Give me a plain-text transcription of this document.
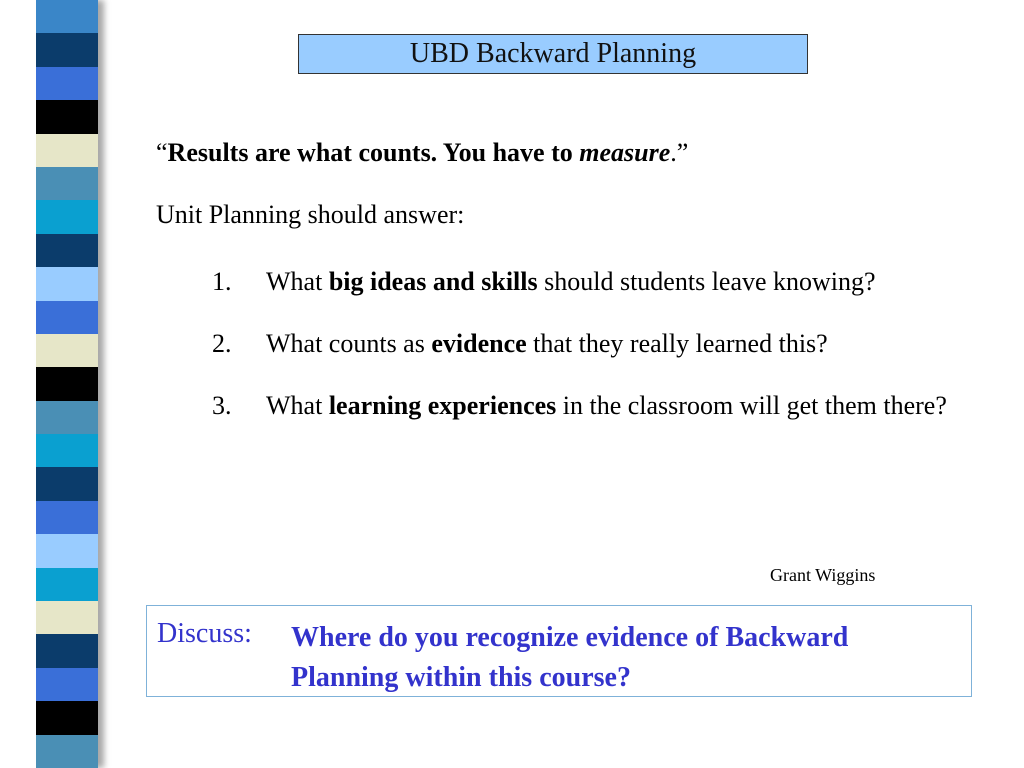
UBD Backward Planning
“Results are what counts. You have to measure.”
Unit Planning should answer:
1.	What big ideas and skills should students leave knowing?
2.	What counts as evidence that they really learned this?
3.	What learning experiences in the classroom will get them there?
Grant Wiggins
Discuss: Where do you recognize evidence of Backward Planning within this course?
